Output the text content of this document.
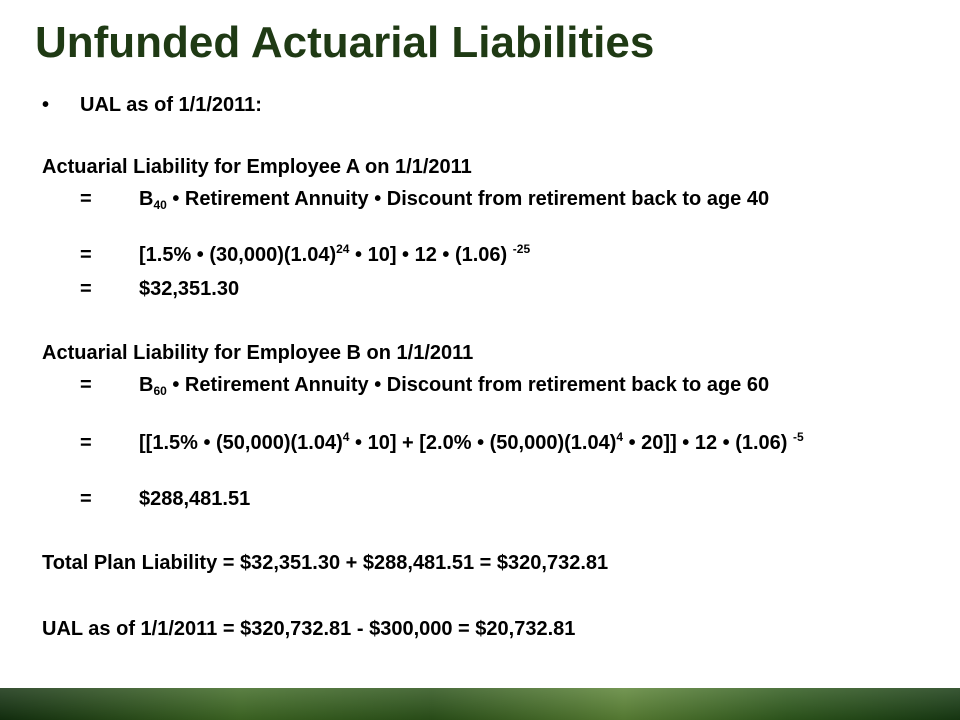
Unfunded Actuarial Liabilities
• UAL as of 1/1/2011:
Actuarial Liability for Employee A on 1/1/2011
= $B_{40}$ • Retirement Annuity • Discount from retirement back to age 40
= [1.5% • $(30,000)(1.04)^{24}$ • 10] • 12 • (1.06) $^{-25}$
= $32,351.30
Actuarial Liability for Employee B on 1/1/2011
= $B_{60}$ • Retirement Annuity • Discount from retirement back to age 60
= [[1.5% • $(50,000)(1.04)^4$ • 10] + [2.0% • $(50,000)(1.04)^4$ • 20]] • 12 • (1.06) $^{-5}$
= $288,481.51
Total Plan Liability = $32,351.30 + $288,481.51 = $320,732.81
UAL as of 1/1/2011 = $320,732.81 - $300,000 = $20,732.81
